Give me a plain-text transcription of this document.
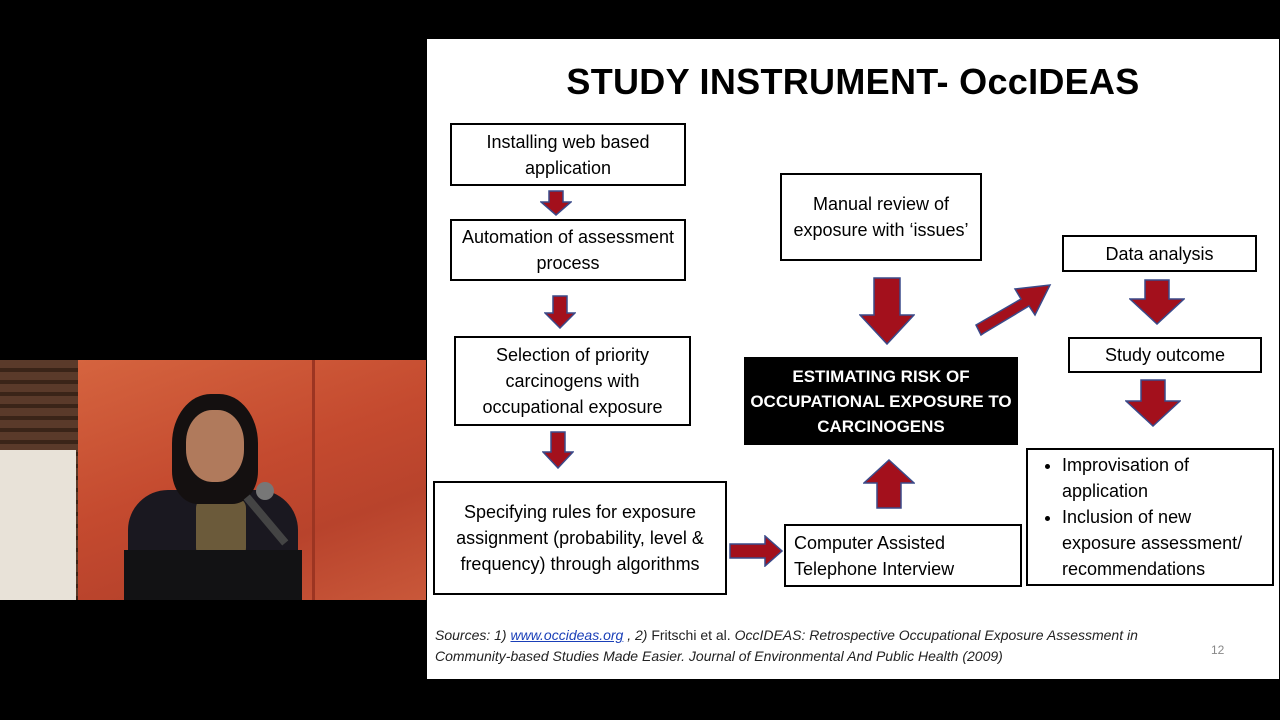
STUDY INSTRUMENT- OccIDEAS
Installing web based application
Automation of assessment process
Selection of priority carcinogens with occupational exposure
Specifying rules for exposure assignment (probability, level & frequency) through algorithms
Manual review of exposure with ‘issues’
ESTIMATING RISK OF OCCUPATIONAL EXPOSURE TO CARCINOGENS
Computer Assisted Telephone Interview
Data analysis
Study outcome
• Improvisation of application
• Inclusion of new exposure assessment/ recommendations
Sources: 1) www.occideas.org , 2) Fritschi et al. OccIDEAS: Retrospective Occupational Exposure Assessment in Community-based Studies Made Easier. Journal of Environmental And Public Health (2009)	12
